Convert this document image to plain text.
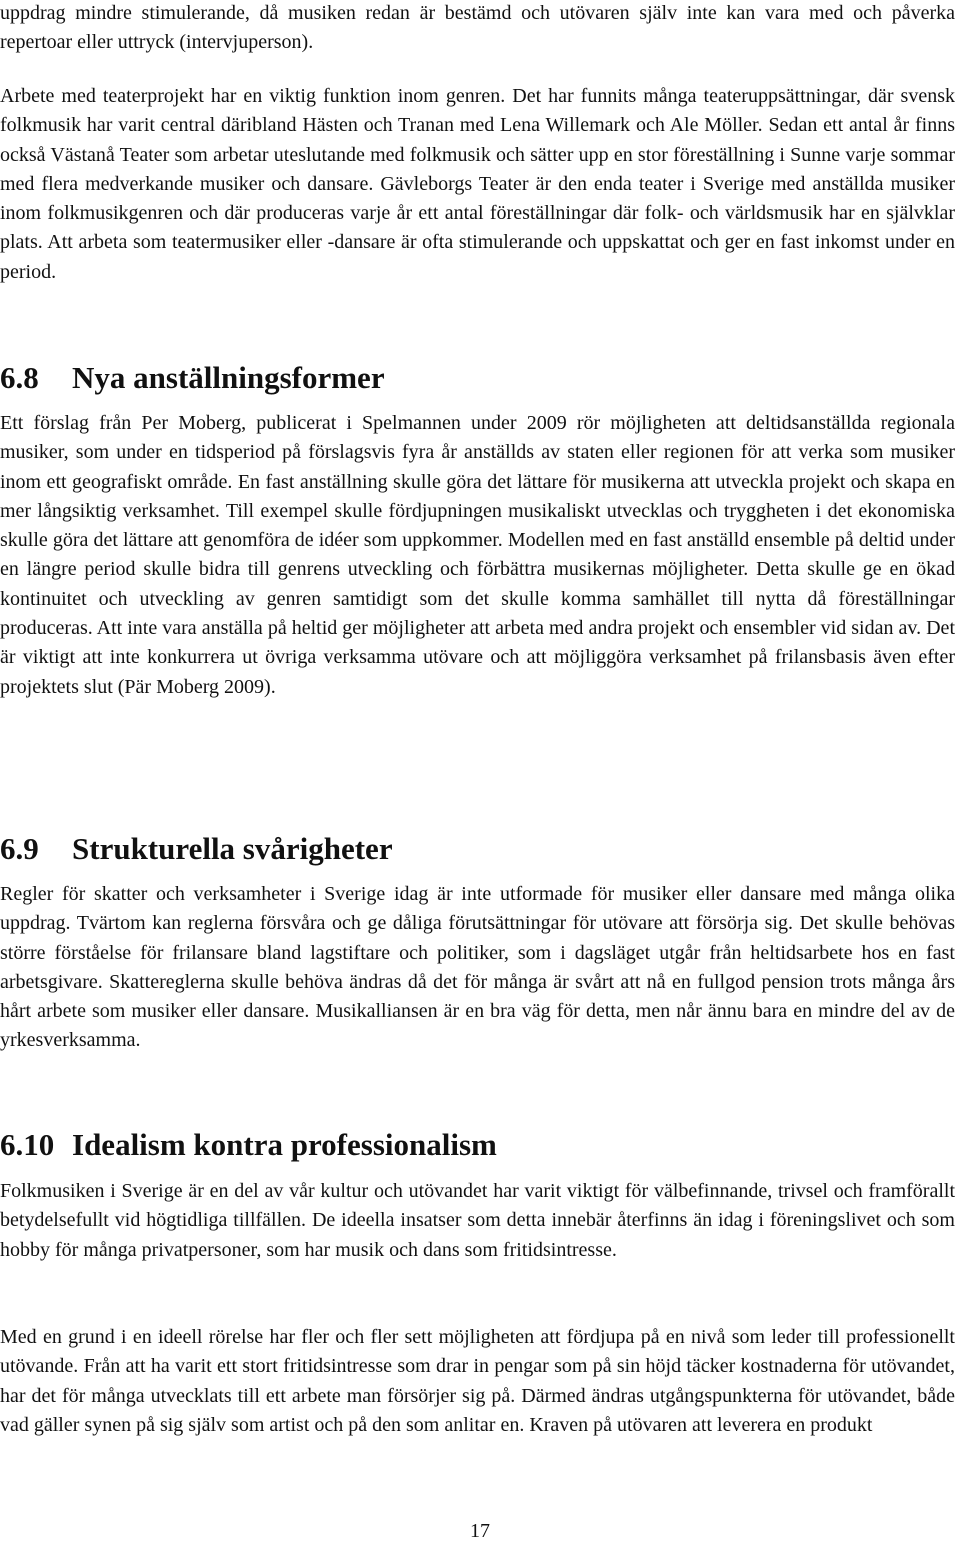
uppdrag mindre stimulerande, då musiken redan är bestämd och utövaren själv inte kan vara med och påverka repertoar eller uttryck (intervjuperson).

Arbete med teaterprojekt har en viktig funktion inom genren. Det har funnits många teateruppsättningar, där svensk folkmusik har varit central däribland Hästen och Tranan med Lena Willemark och Ale Möller. Sedan ett antal år finns också Västanå Teater som arbetar uteslutande med folkmusik och sätter upp en stor föreställning i Sunne varje sommar med flera medverkande musiker och dansare. Gävleborgs Teater är den enda teater i Sverige med anställda musiker inom folkmusikgenren och där produceras varje år ett antal föreställningar där folk- och världsmusik har en självklar plats. Att arbeta som teatermusiker eller -dansare är ofta stimulerande och uppskattat och ger en fast inkomst under en period.

6.8 Nya anställningsformer

Ett förslag från Per Moberg, publicerat i Spelmannen under 2009 rör möjligheten att deltidsanställda regionala musiker, som under en tidsperiod på förslagsvis fyra år anställds av staten eller regionen för att verka som musiker inom ett geografiskt område. En fast anställning skulle göra det lättare för musikerna att utveckla projekt och skapa en mer långsiktig verksamhet. Till exempel skulle fördjupningen musikaliskt utvecklas och tryggheten i det ekonomiska skulle göra det lättare att genomföra de idéer som uppkommer. Modellen med en fast anställd ensemble på deltid under en längre period skulle bidra till genrens utveckling och förbättra musikernas möjligheter. Detta skulle ge en ökad kontinuitet och utveckling av genren samtidigt som det skulle komma samhället till nytta då föreställningar produceras. Att inte vara anställa på heltid ger möjligheter att arbeta med andra projekt och ensembler vid sidan av. Det är viktigt att inte konkurrera ut övriga verksamma utövare och att möjliggöra verksamhet på frilansbasis även efter projektets slut (Pär Moberg 2009).

6.9 Strukturella svårigheter

Regler för skatter och verksamheter i Sverige idag är inte utformade för musiker eller dansare med många olika uppdrag. Tvärtom kan reglerna försvåra och ge dåliga förutsättningar för utövare att försörja sig. Det skulle behövas större förståelse för frilansare bland lagstiftare och politiker, som i dagsläget utgår från heltidsarbete hos en fast arbetsgivare. Skattereglerna skulle behöva ändras då det för många är svårt att nå en fullgod pension trots många års hårt arbete som musiker eller dansare. Musikalliansen är en bra väg för detta, men når ännu bara en mindre del av de yrkesverksamma.

6.10 Idealism kontra professionalism

Folkmusiken i Sverige är en del av vår kultur och utövandet har varit viktigt för välbefinnande, trivsel och framförallt betydelsefullt vid högtidliga tillfällen. De ideella insatser som detta innebär återfinns än idag i föreningslivet och som hobby för många privatpersoner, som har musik och dans som fritidsintresse.

Med en grund i en ideell rörelse har fler och fler sett möjligheten att fördjupa på en nivå som leder till professionellt utövande. Från att ha varit ett stort fritidsintresse som drar in pengar som på sin höjd täcker kostnaderna för utövandet, har det för många utvecklats till ett arbete man försörjer sig på. Därmed ändras utgångspunkterna för utövandet, både vad gäller synen på sig själv som artist och på den som anlitar en. Kraven på utövaren att leverera en produkt

17
